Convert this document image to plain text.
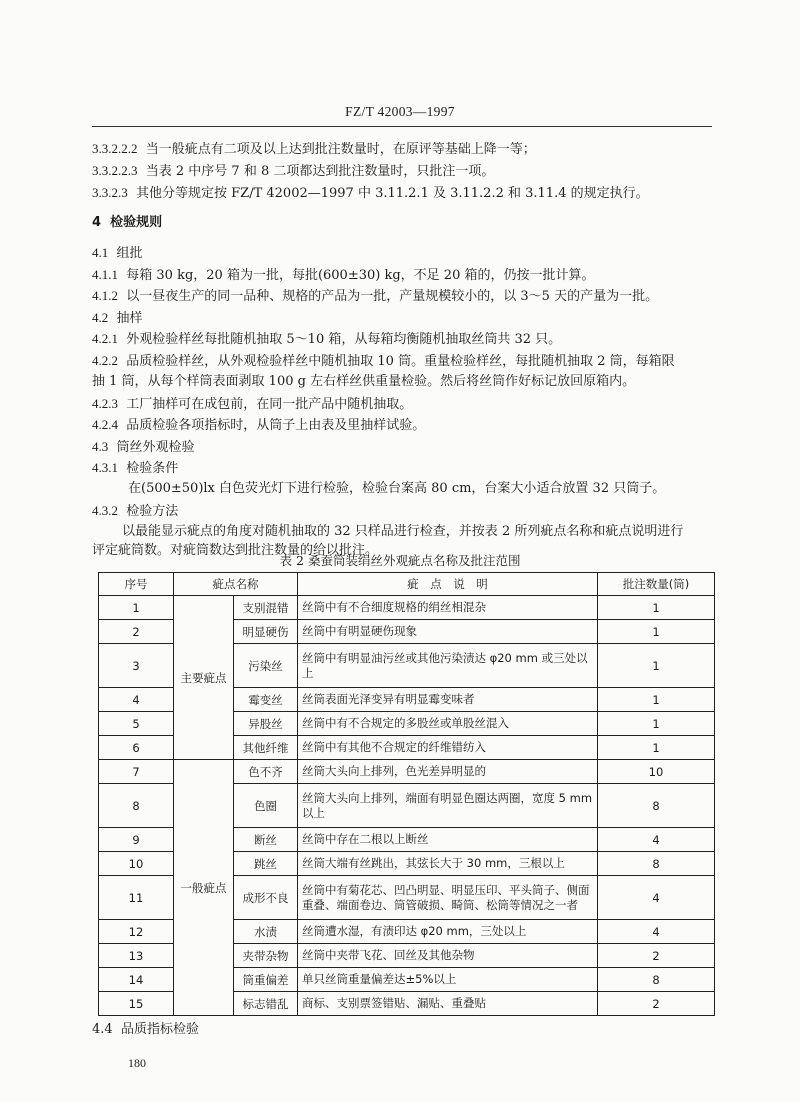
FZ/T 42003—1997
3.3.2.2.2 当一般疵点有二项及以上达到批注数量时，在原评等基础上降一等；
3.3.2.2.3 当表 2 中序号 7 和 8 二项都达到批注数量时，只批注一项。
3.3.2.3 其他分等规定按 FZ/T 42002—1997 中 3.11.2.1 及 3.11.2.2 和 3.11.4 的规定执行。
4 检验规则
4.1 组批
4.1.1 每箱 30 kg，20 箱为一批，每批(600±30) kg，不足 20 箱的，仍按一批计算。
4.1.2 以一昼夜生产的同一品种、规格的产品为一批，产量规模较小的，以 3～5 天的产量为一批。
4.2 抽样
4.2.1 外观检验样丝每批随机抽取 5～10 箱，从每箱均衡随机抽取丝筒共 32 只。
4.2.2 品质检验样丝，从外观检验样丝中随机抽取 10 筒。重量检验样丝，每批随机抽取 2 筒，每箱限
抽 1 筒，从每个样筒表面剥取 100 g 左右样丝供重量检验。然后将丝筒作好标记放回原箱内。
4.2.3 工厂抽样可在成包前，在同一批产品中随机抽取。
4.2.4 品质检验各项指标时，从筒子上由表及里抽样试验。
4.3 筒丝外观检验
4.3.1 检验条件
在(500±50)lx 白色荧光灯下进行检验，检验台案高 80 cm，台案大小适合放置 32 只筒子。
4.3.2 检验方法
以最能显示疵点的角度对随机抽取的 32 只样品进行检查，并按表 2 所列疵点名称和疵点说明进行
评定疵筒数。对疵筒数达到批注数量的给以批注。
表 2 桑蚕筒装绢丝外观疵点名称及批注范围
序号	疵点名称		疵　点　说　明	批注数量(筒)
1	主要疵点	支别混错	丝筒中有不合细度规格的绢丝相混杂	1
2		明显硬伤	丝筒中有明显硬伤现象	1
3		污染丝	丝筒中有明显油污丝或其他污染渍达 φ20 mm 或三处以上	1
4		霉变丝	丝筒表面光泽变异有明显霉变味者	1
5		异股丝	丝筒中有不合规定的多股丝或单股丝混入	1
6		其他纤维	丝筒中有其他不合规定的纤维错纺入	1
7	一般疵点	色不齐	丝筒大头向上排列，色光差异明显的	10
8		色圈	丝筒大头向上排列，端面有明显色圈达两圈，宽度 5 mm 以上	8
9		断丝	丝筒中存在二根以上断丝	4
10		跳丝	丝筒大端有丝跳出，其弦长大于 30 mm，三根以上	8
11		成形不良	丝筒中有菊花芯、凹凸明显、明显压印、平头筒子、侧面重叠、端面卷边、筒管破损、畸筒、松筒等情况之一者	4
12		水渍	丝筒遭水湿，有渍印达 φ20 mm，三处以上	4
13		夹带杂物	丝筒中夹带飞花、回丝及其他杂物	2
14		筒重偏差	单只丝筒重量偏差达±5%以上	8
15		标志错乱	商标、支别票签错贴、漏贴、重叠贴	2
4.4 品质指标检验
180
